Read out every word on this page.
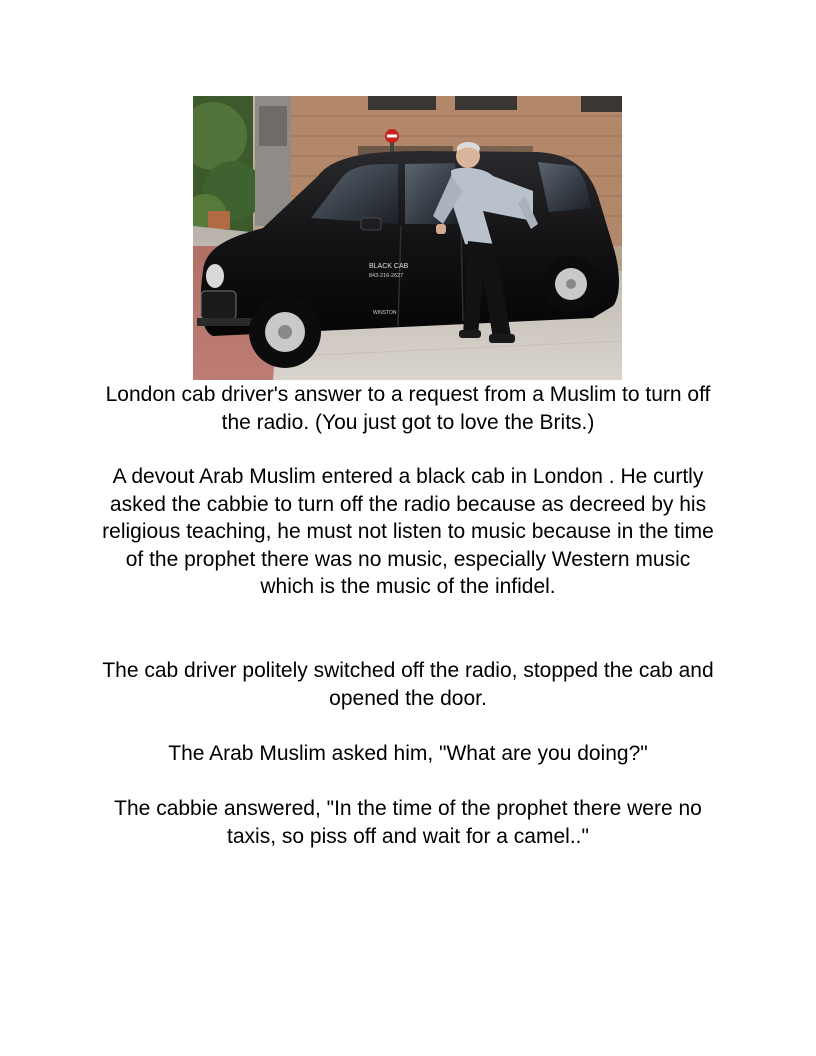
BLACK CAB
843-216-2627
WINSTON

London cab driver's answer to a request from a Muslim to turn off the radio. (You just got to love the Brits.)

A devout Arab Muslim entered a black cab in London . He curtly asked the cabbie to turn off the radio because as decreed by his religious teaching, he must not listen to music because in the time of the prophet there was no music, especially Western music which is the music of the infidel.

The cab driver politely switched off the radio, stopped the cab and opened the door.

The Arab Muslim asked him, "What are you doing?"

The cabbie answered, "In the time of the prophet there were no taxis, so piss off and wait for a camel.."
